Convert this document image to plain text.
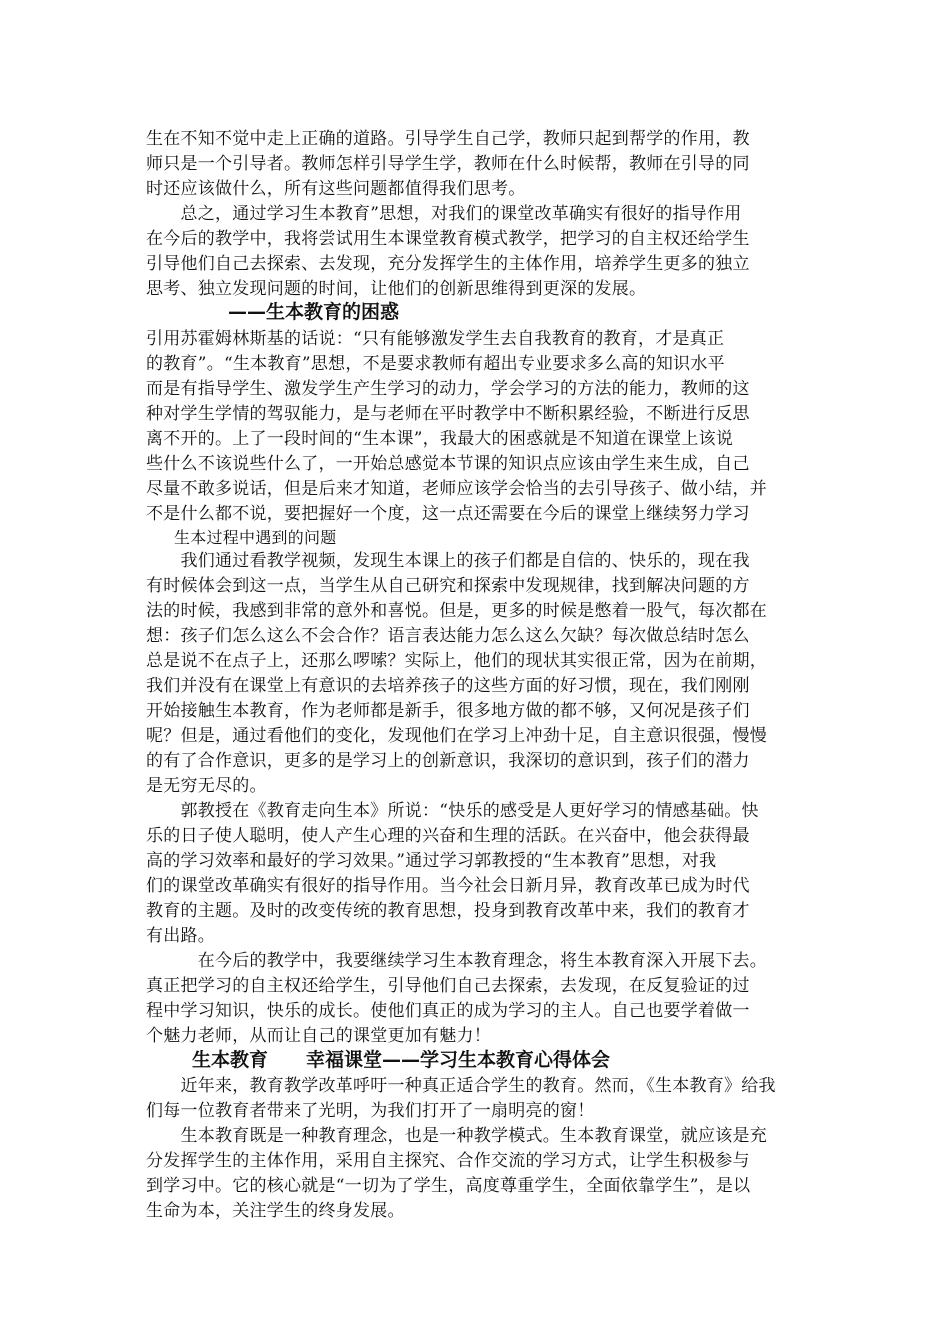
生在不知不觉中走上正确的道路。引导学生自己学，教师只起到帮学的作用，教
师只是一个引导者。教师怎样引导学生学，教师在什么时候帮，教师在引导的同
时还应该做什么，所有这些问题都值得我们思考。
　　总之，通过学习生本教育”思想，对我们的课堂改革确实有很好的指导作用
在今后的教学中，我将尝试用生本课堂教育模式教学，把学习的自主权还给学生
引导他们自己去探索、去发现，充分发挥学生的主体作用，培养学生更多的独立
思考、独立发现问题的时间，让他们的创新思维得到更深的发展。
——生本教育的困惑
引用苏霍姆林斯基的话说：“只有能够激发学生去自我教育的教育，才是真正
的教育”。“生本教育”思想，不是要求教师有超出专业要求多么高的知识水平
而是有指导学生、激发学生产生学习的动力，学会学习的方法的能力，教师的这
种对学生学情的驾驭能力，是与老师在平时教学中不断积累经验，不断进行反思
离不开的。上了一段时间的“生本课”，我最大的困惑就是不知道在课堂上该说
些什么不该说些什么了，一开始总感觉本节课的知识点应该由学生来生成，自己
尽量不敢多说话，但是后来才知道，老师应该学会恰当的去引导孩子、做小结，并
不是什么都不说，要把握好一个度，这一点还需要在今后的课堂上继续努力学习
生本过程中遇到的问题
　　我们通过看教学视频，发现生本课上的孩子们都是自信的、快乐的，现在我
有时候体会到这一点，当学生从自己研究和探索中发现规律，找到解决问题的方
法的时候，我感到非常的意外和喜悦。但是，更多的时候是憋着一股气，每次都在
想：孩子们怎么这么不会合作？语言表达能力怎么这么欠缺？每次做总结时怎么
总是说不在点子上，还那么啰嗦？实际上，他们的现状其实很正常，因为在前期，
我们并没有在课堂上有意识的去培养孩子的这些方面的好习惯，现在，我们刚刚
开始接触生本教育，作为老师都是新手，很多地方做的都不够，又何况是孩子们
呢？但是，通过看他们的变化，发现他们在学习上冲劲十足，自主意识很强，慢慢
的有了合作意识，更多的是学习上的创新意识，我深切的意识到，孩子们的潜力
是无穷无尽的。
　　郭教授在《教育走向生本》所说：“快乐的感受是人更好学习的情感基础。快
乐的日子使人聪明，使人产生心理的兴奋和生理的活跃。在兴奋中，他会获得最
高的学习效率和最好的学习效果。”通过学习郭教授的“生本教育”思想，对我
们的课堂改革确实有很好的指导作用。当今社会日新月异，教育改革已成为时代
教育的主题。及时的改变传统的教育思想，投身到教育改革中来，我们的教育才
有出路。
　　　在今后的教学中，我要继续学习生本教育理念，将生本教育深入开展下去。
真正把学习的自主权还给学生，引导他们自己去探索，去发现，在反复验证的过
程中学习知识，快乐的成长。使他们真正的成为学习的主人。自己也要学着做一
个魅力老师，从而让自己的课堂更加有魅力！
生本教育　　幸福课堂——学习生本教育心得体会
　　近年来，教育教学改革呼吁一种真正适合学生的教育。然而，《生本教育》给我
们每一位教育者带来了光明，为我们打开了一扇明亮的窗！
　　生本教育既是一种教育理念，也是一种教学模式。生本教育课堂，就应该是充
分发挥学生的主体作用，采用自主探究、合作交流的学习方式，让学生积极参与
到学习中。它的核心就是“一切为了学生，高度尊重学生，全面依靠学生”，是以
生命为本，关注学生的终身发展。
